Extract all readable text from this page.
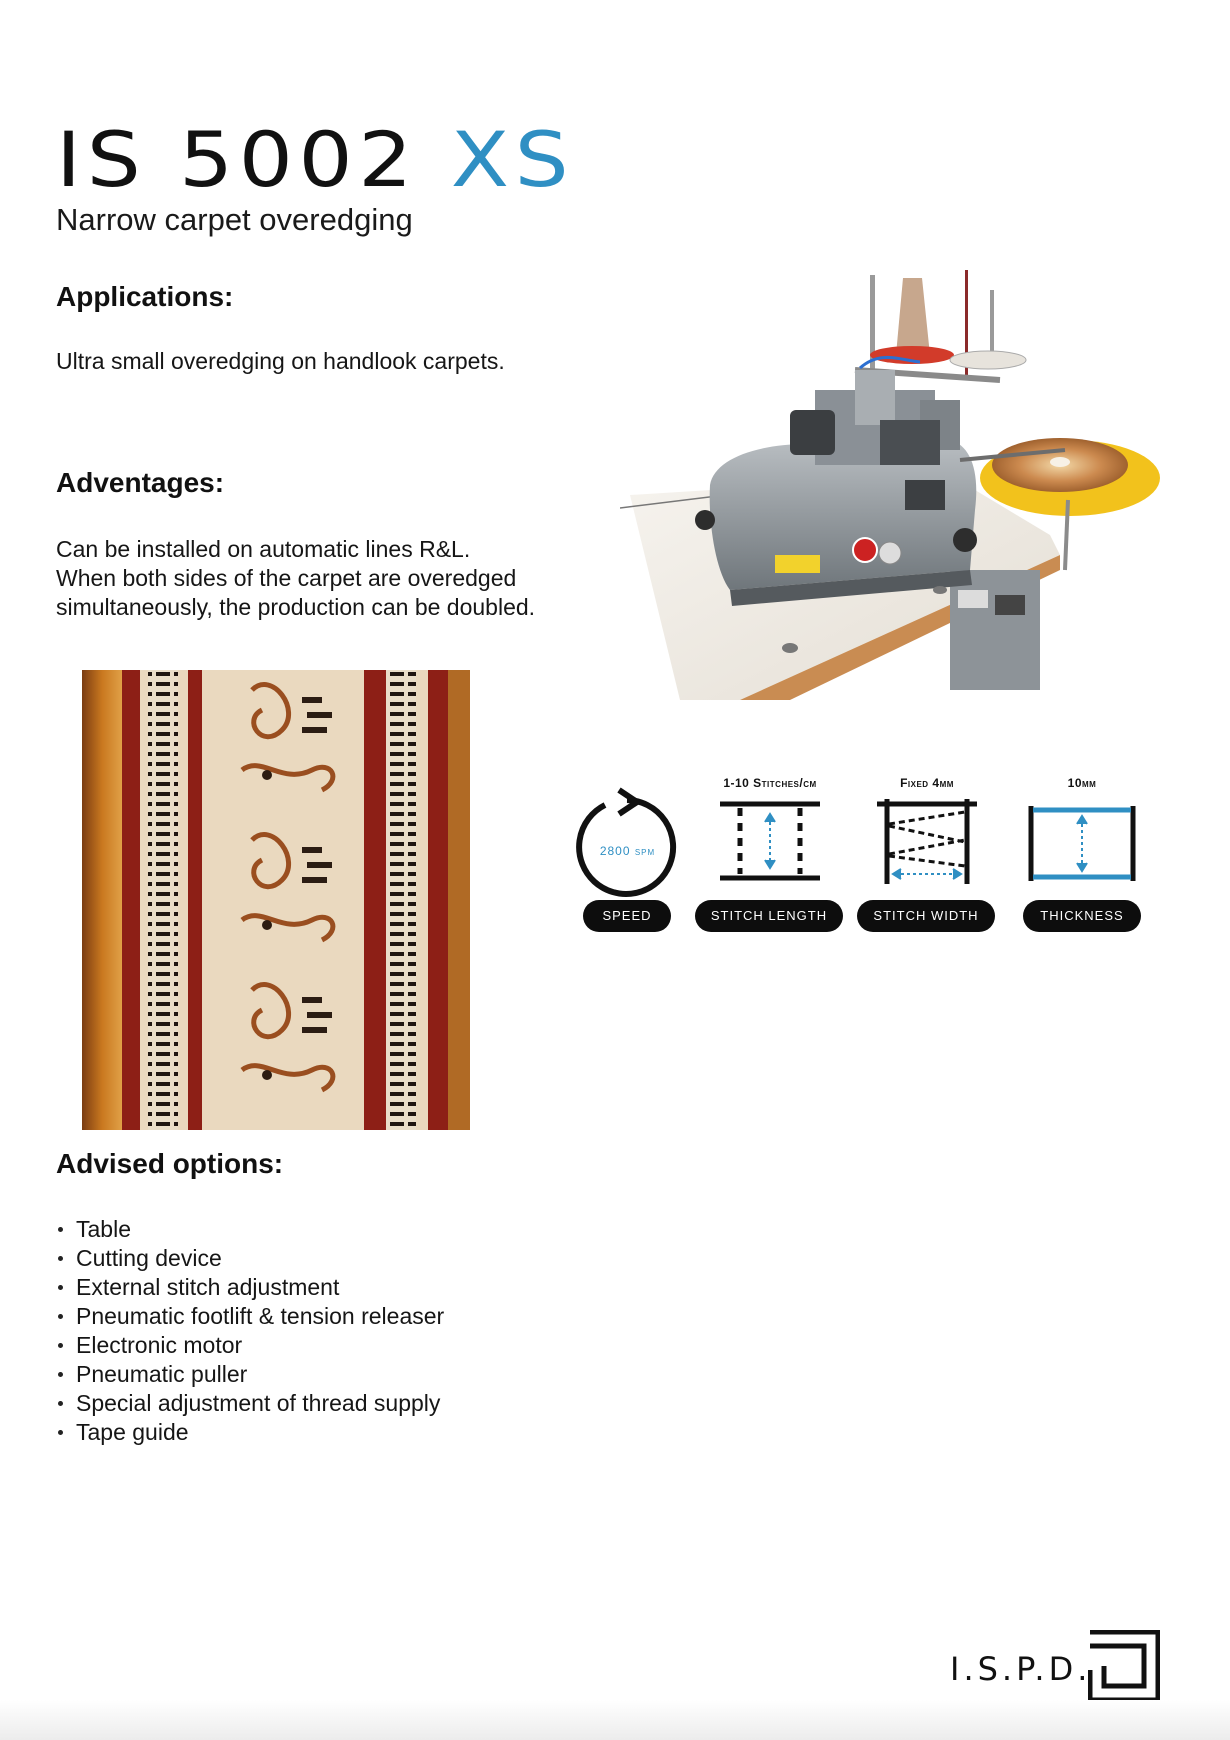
IS 5002 XS
Narrow carpet overedging
Applications:

Ultra small overedging on handlook carpets.

Adventages:
Can be installed on automatic lines R&L.
When both sides of the carpet are overedged
simultaneously, the production can be doubled.
2800 spm
SPEED
1-10 Stitches/cm
STITCH LENGTH
Fixed 4mm
STITCH WIDTH
10mm
THICKNESS
Advised options:
Table
Cutting device
External stitch adjustment
Pneumatic footlift & tension releaser
Electronic motor
Pneumatic puller
Special adjustment of thread supply
Tape guide
I.S.P.D.
